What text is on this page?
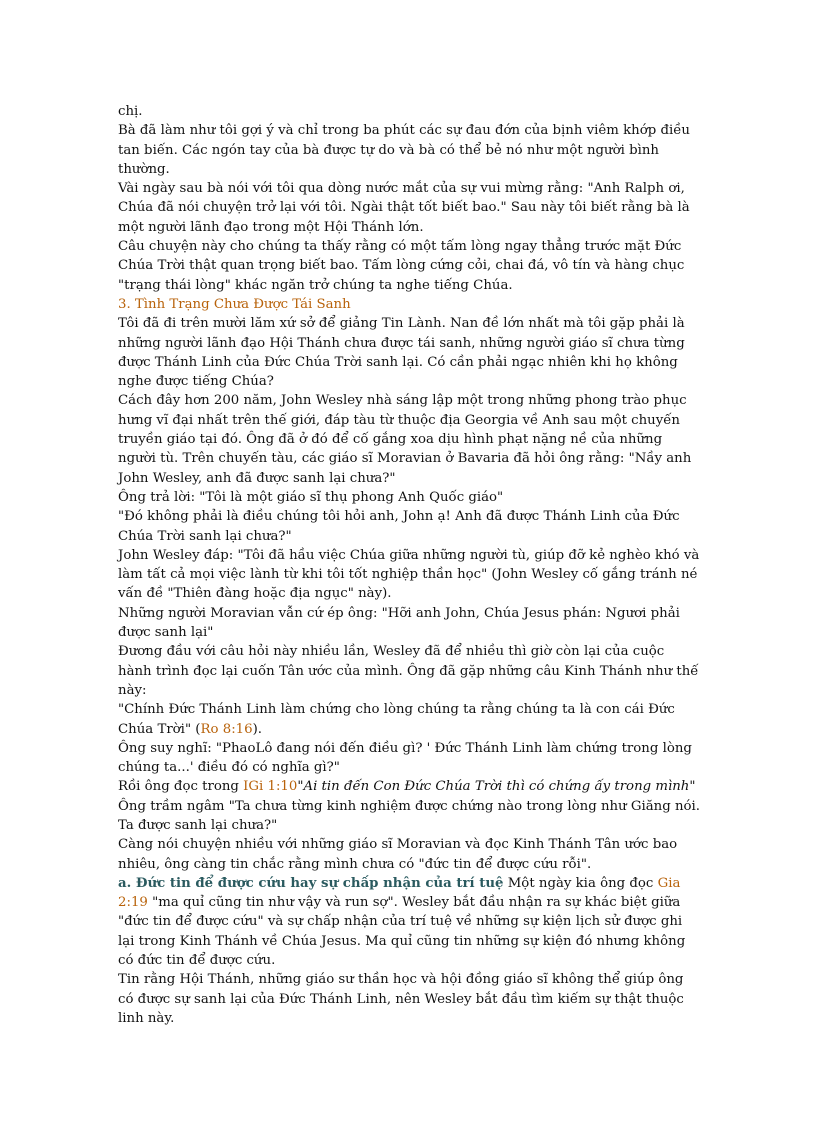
chị.

Bà đã làm như tôi gợi ý và chỉ trong ba phút các sự đau đớn của bịnh viêm khớp điều tan biến. Các ngón tay của bà được tự do và bà có thể bẻ nó như một người bình thường.

Vài ngày sau bà nói với tôi qua dòng nước mắt của sự vui mừng rằng: "Anh Ralph ơi, Chúa đã nói chuyện trở lại với tôi. Ngài thật tốt biết bao." Sau này tôi biết rằng bà là một người lãnh đạo trong một Hội Thánh lớn.

Câu chuyện này cho chúng ta thấy rằng có một tấm lòng ngay thẳng trước mặt Đức Chúa Trời thật quan trọng biết bao. Tấm lòng cứng cỏi, chai đá, vô tín và hàng chục "trạng thái lòng" khác ngăn trở chúng ta nghe tiếng Chúa.

3. Tình Trạng Chưa Được Tái Sanh

Tôi đã đi trên mười lăm xứ sở để giảng Tin Lành. Nan đề lớn nhất mà tôi gặp phải là những người lãnh đạo Hội Thánh chưa được tái sanh, những người giáo sĩ chưa từng được Thánh Linh của Đức Chúa Trời sanh lại. Có cần phải ngạc nhiên khi họ không nghe được tiếng Chúa?

Cách đây hơn 200 năm, John Wesley nhà sáng lập một trong những phong trào phục hưng vĩ đại nhất trên thế giới, đáp tàu từ thuộc địa Georgia về Anh sau một chuyến truyền giáo tại đó. Ông đã ở đó để cố gắng xoa dịu hình phạt nặng nề của những người tù. Trên chuyến tàu, các giáo sĩ Moravian ở Bavaria đã hỏi ông rằng: "Nầy anh John Wesley, anh đã được sanh lại chưa?"

Ông trả lời: "Tôi là một giáo sĩ thụ phong Anh Quốc giáo"

"Đó không phải là điều chúng tôi hỏi anh, John ạ! Anh đã được Thánh Linh của Đức Chúa Trời sanh lại chưa?"

John Wesley đáp: "Tôi đã hầu việc Chúa giữa những người tù, giúp đỡ kẻ nghèo khó và làm tất cả mọi việc lành từ khi tôi tốt nghiệp thần học" (John Wesley cố gắng tránh né vấn đề "Thiên đàng hoặc địa ngục" này).

Những người Moravian vẫn cứ ép ông: "Hỡi anh John, Chúa Jesus phán: Ngươi phải được sanh lại"

Đương đầu với câu hỏi này nhiều lần, Wesley đã để nhiều thì giờ còn lại của cuộc hành trình đọc lại cuốn Tân ước của mình. Ông đã gặp những câu Kinh Thánh như thế này:

"Chính Đức Thánh Linh làm chứng cho lòng chúng ta rằng chúng ta là con cái Đức Chúa Trời" (Ro 8:16).

Ông suy nghĩ: "PhaoLô đang nói đến điều gì? ' Đức Thánh Linh làm chứng trong lòng chúng ta...' điều đó có nghĩa gì?"

Rồi ông đọc trong IGi 1:10"Ai tin đến Con Đức Chúa Trời thì có chứng ấy trong mình"

Ông trầm ngâm "Ta chưa từng kinh nghiệm được chứng nào trong lòng như Giăng nói. Ta được sanh lại chưa?"

Càng nói chuyện nhiều với những giáo sĩ Moravian và đọc Kinh Thánh Tân ước bao nhiêu, ông càng tin chắc rằng mình chưa có "đức tin để được cứu rỗi".

a. Đức tin để được cứu hay sự chấp nhận của trí tuệ Một ngày kia ông đọc Gia 2:19 "ma quỉ cũng tin như vậy và run sợ". Wesley bắt đầu nhận ra sự khác biệt giữa "đức tin để được cứu" và sự chấp nhận của trí tuệ về những sự kiện lịch sử được ghi lại trong Kinh Thánh về Chúa Jesus. Ma quỉ cũng tin những sự kiện đó nhưng không có đức tin để được cứu.

Tin rằng Hội Thánh, những giáo sư thần học và hội đồng giáo sĩ không thể giúp ông có được sự sanh lại của Đức Thánh Linh, nên Wesley bắt đầu tìm kiếm sự thật thuộc linh này.
